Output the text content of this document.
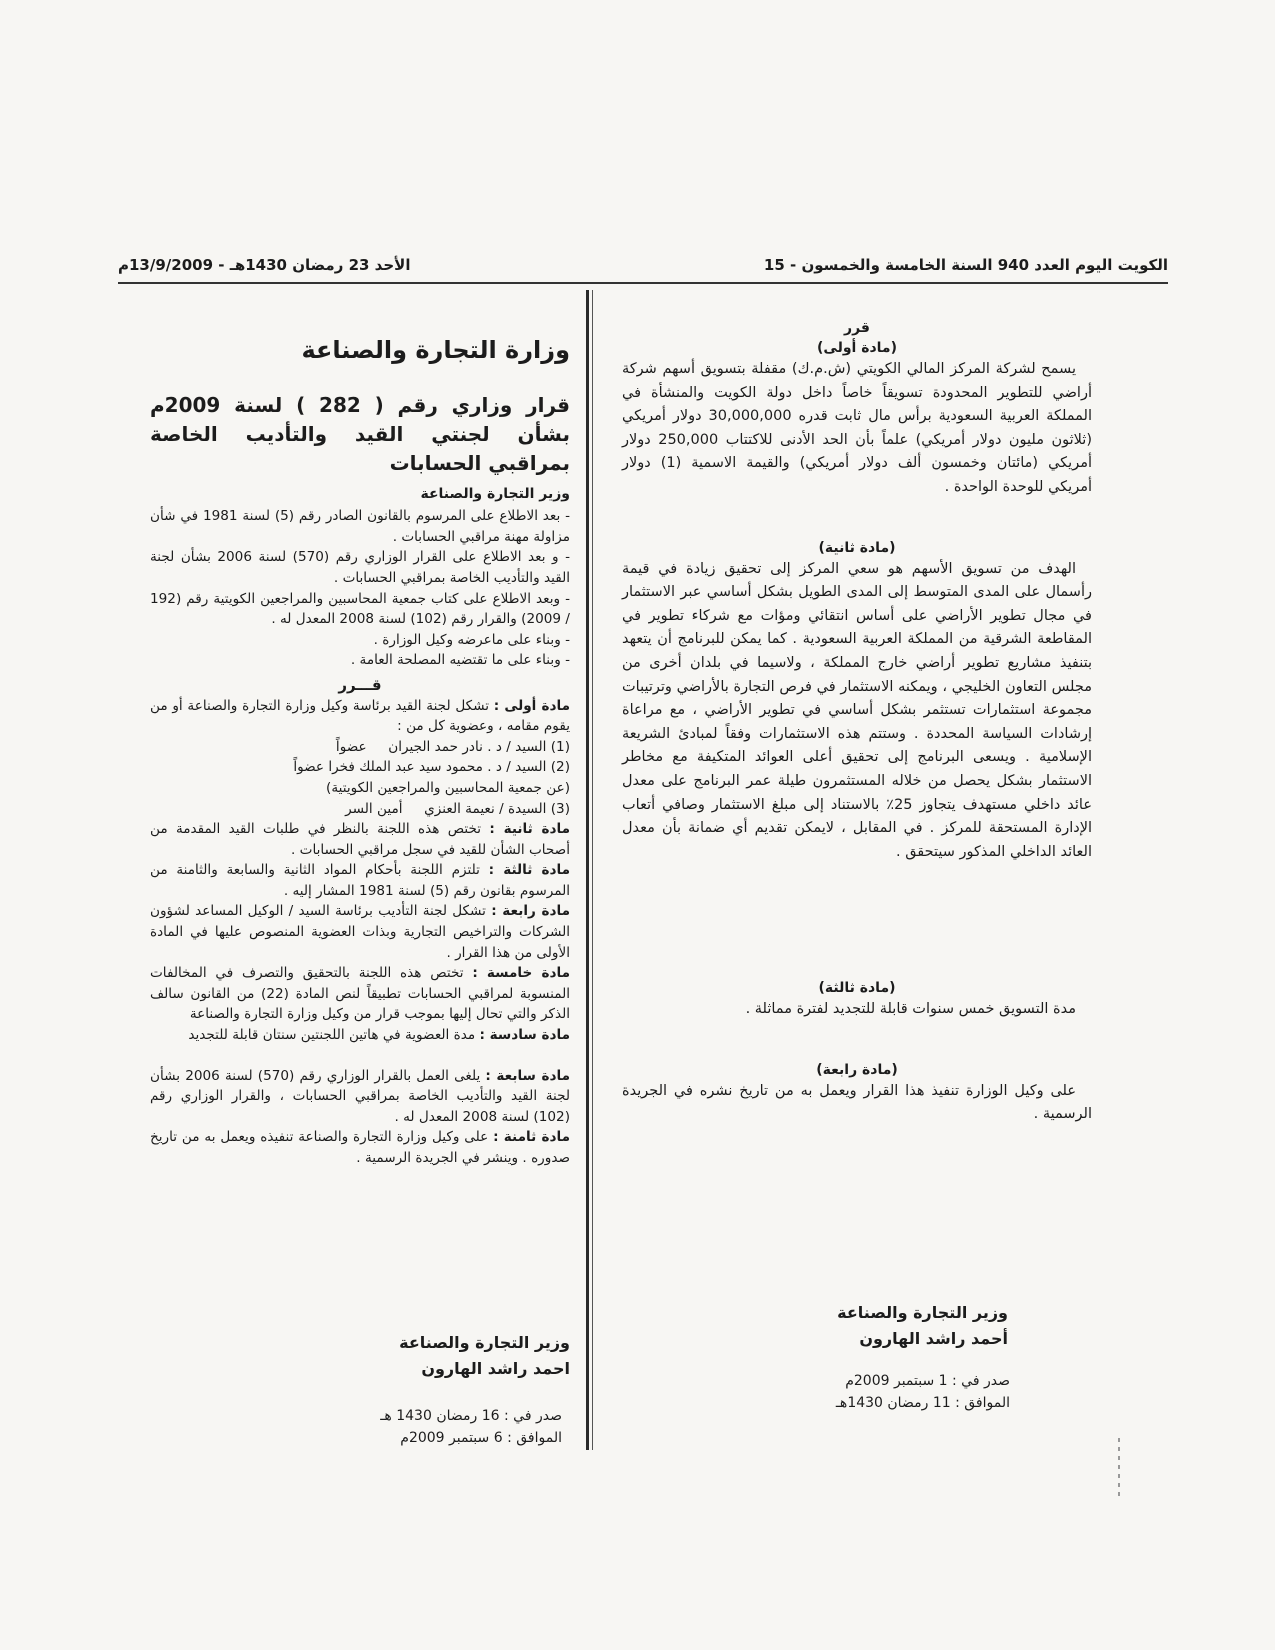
الكويت اليوم العدد 940 السنة الخامسة والخمسون - 15
الأحد 23 رمضان 1430هـ - 13/9/2009م
قرر
(مادة أولى)

يسمح لشركة المركز المالي الكويتي (ش.م.ك) مقفلة بتسويق أسهم شركة أراضي للتطوير المحدودة تسويقاً خاصاً داخل دولة الكويت والمنشأة في المملكة العربية السعودية برأس مال ثابت قدره 30,000,000 دولار أمريكي (ثلاثون مليون دولار أمريكي) علماً بأن الحد الأدنى للاكتتاب 250,000 دولار أمريكي (مائتان وخمسون ألف دولار أمريكي) والقيمة الاسمية (1) دولار أمريكي للوحدة الواحدة .

(مادة ثانية)

الهدف من تسويق الأسهم هو سعي المركز إلى تحقيق زيادة في قيمة رأسمال على المدى المتوسط إلى المدى الطويل بشكل أساسي عبر الاستثمار في مجال تطوير الأراضي على أساس انتقائي ومؤات مع شركاء تطوير في المقاطعة الشرقية من المملكة العربية السعودية . كما يمكن للبرنامج أن يتعهد بتنفيذ مشاريع تطوير أراضي خارج المملكة ، ولاسيما في بلدان أخرى من مجلس التعاون الخليجي ، ويمكنه الاستثمار في فرص التجارة بالأراضي وترتيبات مجموعة استثمارات تستثمر بشكل أساسي في تطوير الأراضي ، مع مراعاة إرشادات السياسة المحددة . وستتم هذه الاستثمارات وفقاً لمبادئ الشريعة الإسلامية . ويسعى البرنامج إلى تحقيق أعلى العوائد المتكيفة مع مخاطر الاستثمار بشكل يحصل من خلاله المستثمرون طيلة عمر البرنامج على معدل عائد داخلي مستهدف يتجاوز 25٪ بالاستناد إلى مبلغ الاستثمار وصافي أتعاب الإدارة المستحقة للمركز . في المقابل ، لايمكن تقديم أي ضمانة بأن معدل العائد الداخلي المذكور سيتحقق .

(مادة ثالثة)

مدة التسويق خمس سنوات قابلة للتجديد لفترة مماثلة .

(مادة رابعة)

على وكيل الوزارة تنفيذ هذا القرار ويعمل به من تاريخ نشره في الجريدة الرسمية .

وزير التجارة والصناعة
أحمد راشد الهارون
صدر في : 1 سبتمبر 2009م
الموافق : 11 رمضان 1430هـ
وزارة التجارة والصناعة
قرار وزاري رقم ( 282 ) لسنة 2009م بشأن لجنتي القيد والتأديب الخاصة بمراقبي الحسابات
وزير التجارة والصناعة

- بعد الاطلاع على المرسوم بالقانون الصادر رقم (5) لسنة 1981 في شأن مزاولة مهنة مراقبي الحسابات .

- و بعد الاطلاع على القرار الوزاري رقم (570) لسنة 2006 بشأن لجنة القيد والتأديب الخاصة بمراقبي الحسابات .

- وبعد الاطلاع على كتاب جمعية المحاسبين والمراجعين الكويتية رقم (192 / 2009) والقرار رقم (102) لسنة 2008 المعدل له .

- وبناء على ماعرضه وكيل الوزارة .

- وبناء على ما تقتضيه المصلحة العامة .

قـــرر

مادة أولى : تشكل لجنة القيد برئاسة وكيل وزارة التجارة والصناعة أو من يقوم مقامه ، وعضوية كل من :

(1) السيد / د . نادر حمد الجيران     عضواً

(2) السيد / د . محمود سيد عبد الملك فخرا عضواً

(عن جمعية المحاسبين والمراجعين الكويتية)

(3) السيدة / نعيمة العنزي     أمين السر

مادة ثانية : تختص هذه اللجنة بالنظر في طلبات القيد المقدمة من أصحاب الشأن للقيد في سجل مراقبي الحسابات .

مادة ثالثة : تلتزم اللجنة بأحكام المواد الثانية والسابعة والثامنة من المرسوم بقانون رقم (5) لسنة 1981 المشار إليه .

مادة رابعة : تشكل لجنة التأديب برئاسة السيد / الوكيل المساعد لشؤون الشركات والتراخيص التجارية وبذات العضوية المنصوص عليها في المادة الأولى من هذا القرار .

مادة خامسة : تختص هذه اللجنة بالتحقيق والتصرف في المخالفات المنسوبة لمراقبي الحسابات تطبيقاً لنص المادة (22) من القانون سالف الذكر والتي تحال إليها بموجب قرار من وكيل وزارة التجارة والصناعة

مادة سادسة : مدة العضوية في هاتين اللجنتين سنتان قابلة للتجديد

مادة سابعة : يلغى العمل بالقرار الوزاري رقم (570) لسنة 2006 بشأن لجنة القيد والتأديب الخاصة بمراقبي الحسابات ، والقرار الوزاري رقم (102) لسنة 2008 المعدل له .

مادة ثامنة : على وكيل وزارة التجارة والصناعة تنفيذه ويعمل به من تاريخ صدوره . وينشر في الجريدة الرسمية .

وزير التجارة والصناعة
احمد راشد الهارون
صدر في : 16 رمضان 1430 هـ
الموافق : 6 سبتمبر 2009م
